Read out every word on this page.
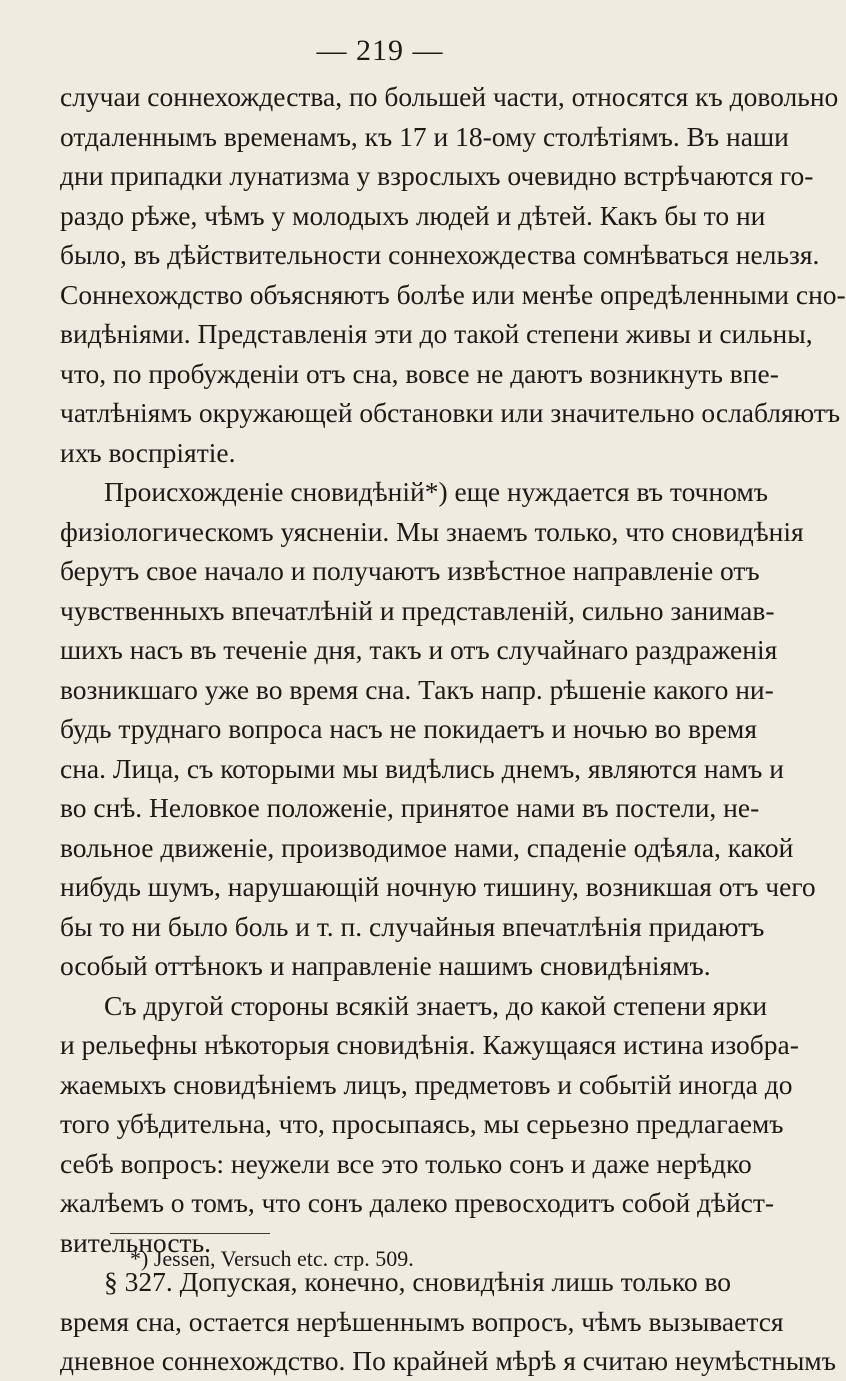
— 219 —
случаи соннехождества, по большей части, относятся къ довольно
отдаленнымъ временамъ, къ 17 и 18-ому столѣтіямъ. Въ наши
дни припадки лунатизма у взрослыхъ очевидно встрѣчаются го-
раздо рѣже, чѣмъ у молодыхъ людей и дѣтей. Какъ бы то ни
было, въ дѣйствительности соннехождества сомнѣваться нельзя.
Соннехождство объясняютъ болѣе или менѣе опредѣленными сно-
видѣніями. Представленія эти до такой степени живы и сильны,
что, по пробужденіи отъ сна, вовсе не даютъ возникнуть впе-
чатлѣніямъ окружающей обстановки или значительно ослабляютъ
ихъ воспріятіе.
Происхожденіе сновидѣній*) еще нуждается въ точномъ
физіологическомъ уясненіи. Мы знаемъ только, что сновидѣнія
берутъ свое начало и получаютъ извѣстное направленіе отъ
чувственныхъ впечатлѣній и представленій, сильно занимав-
шихъ насъ въ теченіе дня, такъ и отъ случайнаго раздраженія
возникшаго уже во время сна. Такъ напр. рѣшеніе какого ни-
будь труднаго вопроса насъ не покидаетъ и ночью во время
сна. Лица, съ которыми мы видѣлись днемъ, являются намъ и
во снѣ. Неловкое положеніе, принятое нами въ постели, не-
вольное движеніе, производимое нами, спаденіе одѣяла, какой
нибудь шумъ, нарушающій ночную тишину, возникшая отъ чего
бы то ни было боль и т. п. случайныя впечатлѣнія придаютъ
особый оттѣнокъ и направленіе нашимъ сновидѣніямъ.
Съ другой стороны всякій знаетъ, до какой степени ярки
и рельефны нѣкоторыя сновидѣнія. Кажущаяся истина изобра-
жаемыхъ сновидѣніемъ лицъ, предметовъ и событій иногда до
того убѣдительна, что, просыпаясь, мы серьезно предлагаемъ
себѣ вопросъ: неужели все это только сонъ и даже нерѣдко
жалѣемъ о томъ, что сонъ далеко превосходитъ собой дѣйст-
вительность.
§ 327. Допуская, конечно, сновидѣнія лишь только во
время сна, остается нерѣшеннымъ вопросъ, чѣмъ вызывается
дневное соннехождство. По крайней мѣрѣ я считаю неумѣстнымъ
*) Jessen, Versuch etc. стр. 509.
